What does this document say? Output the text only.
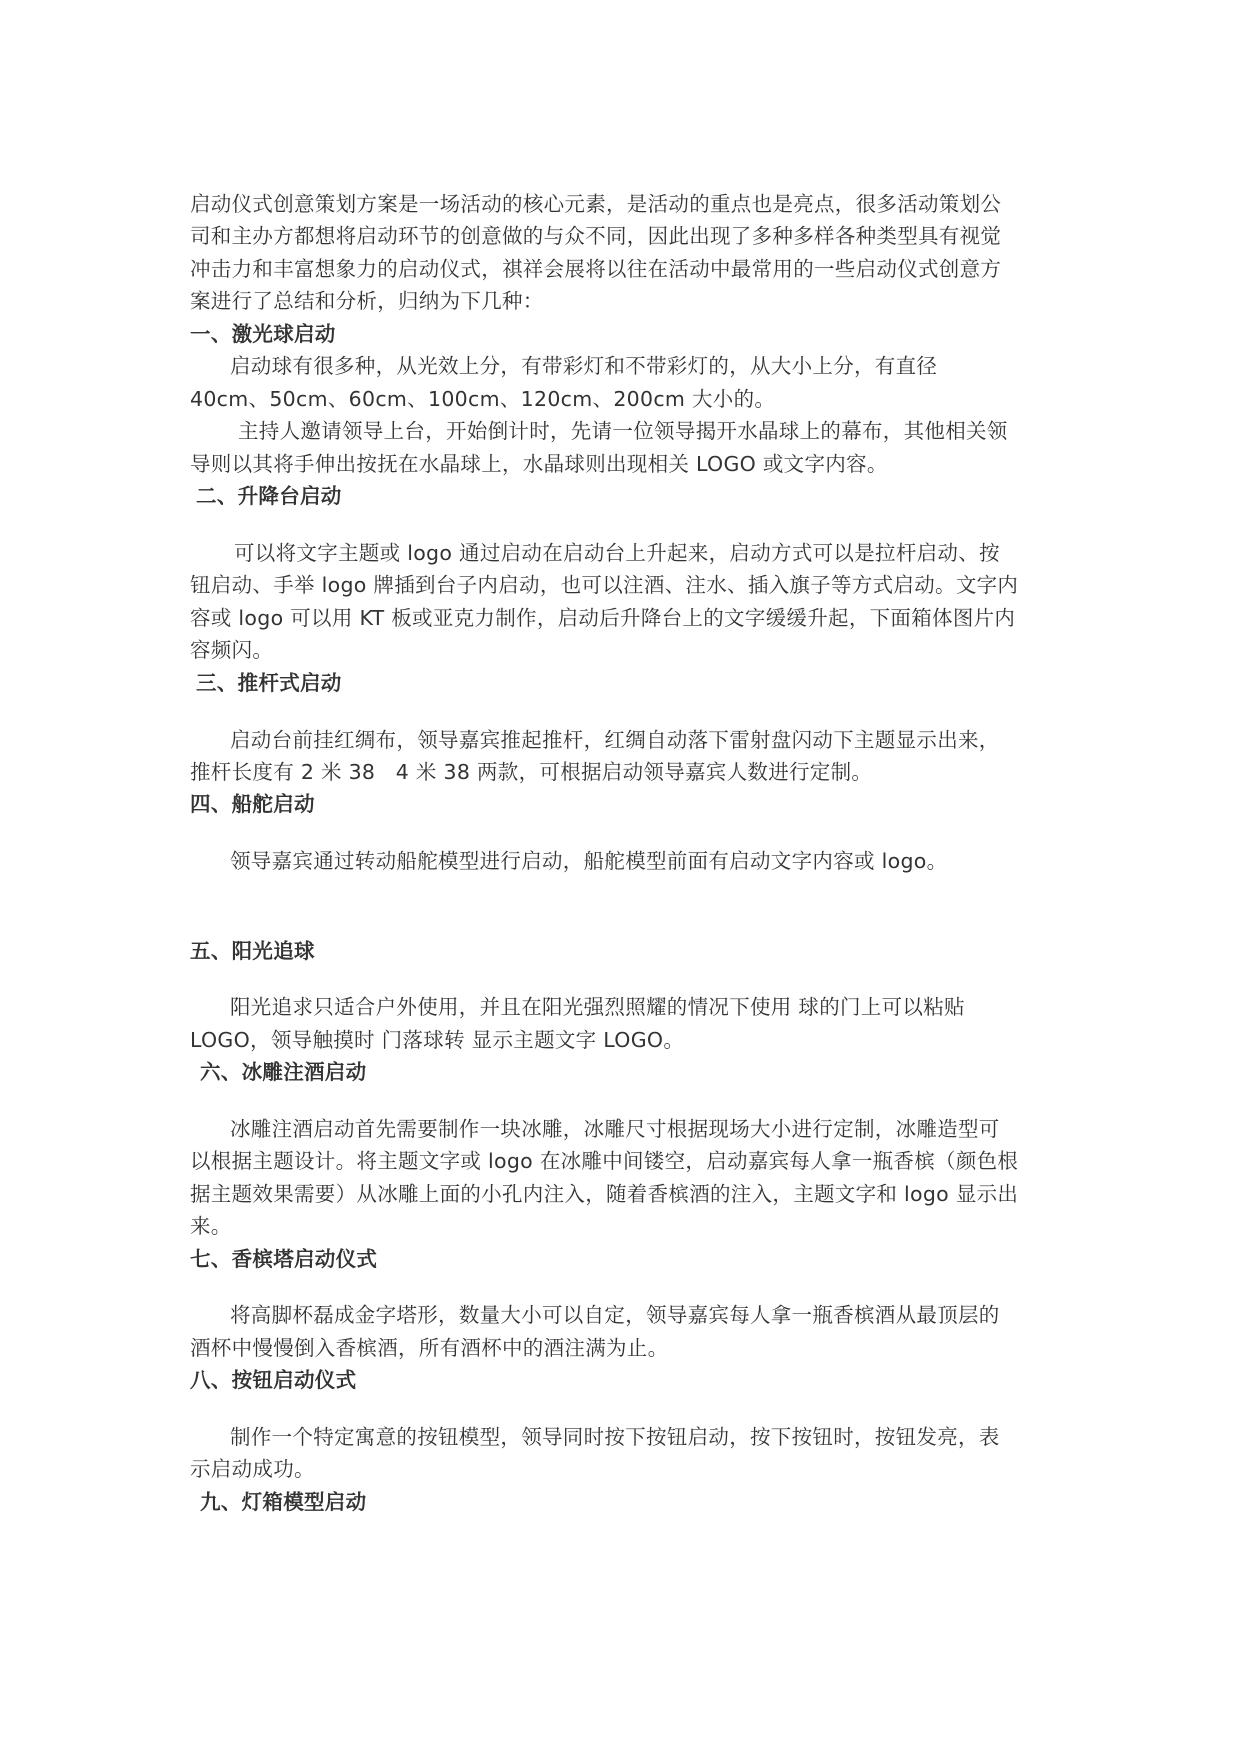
启动仪式创意策划方案是一场活动的核心元素，是活动的重点也是亮点，很多活动策划公
司和主办方都想将启动环节的创意做的与众不同，因此出现了多种多样各种类型具有视觉
冲击力和丰富想象力的启动仪式，祺祥会展将以往在活动中最常用的一些启动仪式创意方
案进行了总结和分析，归纳为下几种：
一、激光球启动
启动球有很多种，从光效上分，有带彩灯和不带彩灯的，从大小上分，有直径
40cm、50cm、60cm、100cm、120cm、200cm 大小的。
主持人邀请领导上台，开始倒计时，先请一位领导揭开水晶球上的幕布，其他相关领
导则以其将手伸出按抚在水晶球上，水晶球则出现相关 LOGO 或文字内容。
二、升降台启动
可以将文字主题或 logo 通过启动在启动台上升起来，启动方式可以是拉杆启动、按
钮启动、手举 logo 牌插到台子内启动，也可以注酒、注水、插入旗子等方式启动。文字内
容或 logo 可以用 KT 板或亚克力制作，启动后升降台上的文字缓缓升起，下面箱体图片内
容频闪。
三、推杆式启动
启动台前挂红绸布，领导嘉宾推起推杆，红绸自动落下雷射盘闪动下主题显示出来，
推杆长度有 2 米 38   4 米 38 两款，可根据启动领导嘉宾人数进行定制。
四、船舵启动
领导嘉宾通过转动船舵模型进行启动，船舵模型前面有启动文字内容或 logo。
五、阳光追球
阳光追求只适合户外使用，并且在阳光强烈照耀的情况下使用 球的门上可以粘贴
LOGO，领导触摸时 门落球转 显示主题文字 LOGO。
六、冰雕注酒启动
冰雕注酒启动首先需要制作一块冰雕，冰雕尺寸根据现场大小进行定制，冰雕造型可
以根据主题设计。将主题文字或 logo 在冰雕中间镂空，启动嘉宾每人拿一瓶香槟（颜色根
据主题效果需要）从冰雕上面的小孔内注入，随着香槟酒的注入，主题文字和 logo 显示出
来。
七、香槟塔启动仪式
将高脚杯磊成金字塔形，数量大小可以自定，领导嘉宾每人拿一瓶香槟酒从最顶层的
酒杯中慢慢倒入香槟酒，所有酒杯中的酒注满为止。
八、按钮启动仪式
制作一个特定寓意的按钮模型，领导同时按下按钮启动，按下按钮时，按钮发亮，表
示启动成功。
九、灯箱模型启动
